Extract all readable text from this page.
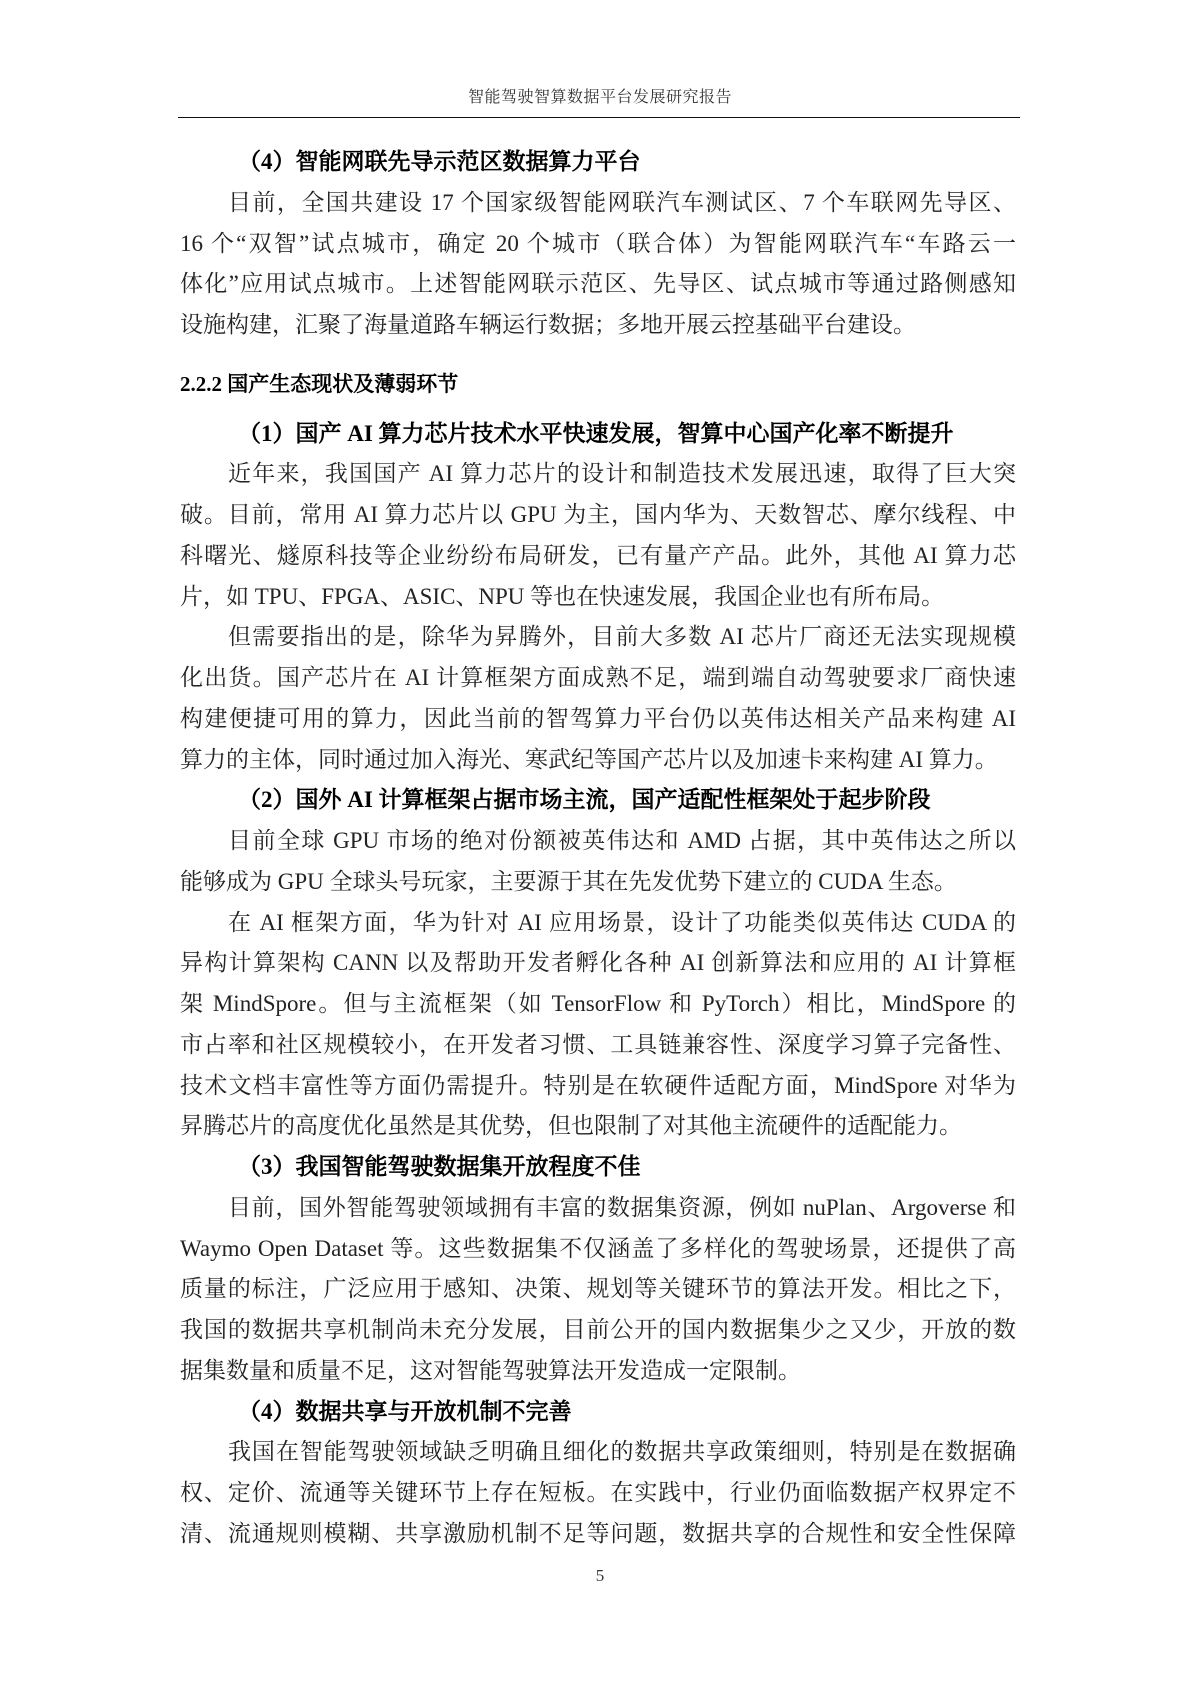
智能驾驶智算数据平台发展研究报告
（4）智能网联先导示范区数据算力平台
目前，全国共建设 17 个国家级智能网联汽车测试区、7 个车联网先导区、
16 个“双智”试点城市，确定 20 个城市（联合体）为智能网联汽车“车路云一
体化”应用试点城市。上述智能网联示范区、先导区、试点城市等通过路侧感知
设施构建，汇聚了海量道路车辆运行数据；多地开展云控基础平台建设。
2.2.2 国产生态现状及薄弱环节
（1）国产 AI 算力芯片技术水平快速发展，智算中心国产化率不断提升
近年来，我国国产 AI 算力芯片的设计和制造技术发展迅速，取得了巨大突
破。目前，常用 AI 算力芯片以 GPU 为主，国内华为、天数智芯、摩尔线程、中
科曙光、燧原科技等企业纷纷布局研发，已有量产产品。此外，其他 AI 算力芯
片，如 TPU、FPGA、ASIC、NPU 等也在快速发展，我国企业也有所布局。
但需要指出的是，除华为昇腾外，目前大多数 AI 芯片厂商还无法实现规模
化出货。国产芯片在 AI 计算框架方面成熟不足，端到端自动驾驶要求厂商快速
构建便捷可用的算力，因此当前的智驾算力平台仍以英伟达相关产品来构建 AI
算力的主体，同时通过加入海光、寒武纪等国产芯片以及加速卡来构建 AI 算力。
（2）国外 AI 计算框架占据市场主流，国产适配性框架处于起步阶段
目前全球 GPU 市场的绝对份额被英伟达和 AMD 占据，其中英伟达之所以
能够成为 GPU 全球头号玩家，主要源于其在先发优势下建立的 CUDA 生态。
在 AI 框架方面，华为针对 AI 应用场景，设计了功能类似英伟达 CUDA 的
异构计算架构 CANN 以及帮助开发者孵化各种 AI 创新算法和应用的 AI 计算框
架 MindSpore。但与主流框架（如 TensorFlow 和 PyTorch）相比，MindSpore 的
市占率和社区规模较小，在开发者习惯、工具链兼容性、深度学习算子完备性、
技术文档丰富性等方面仍需提升。特别是在软硬件适配方面，MindSpore 对华为
昇腾芯片的高度优化虽然是其优势，但也限制了对其他主流硬件的适配能力。
（3）我国智能驾驶数据集开放程度不佳
目前，国外智能驾驶领域拥有丰富的数据集资源，例如 nuPlan、Argoverse 和
Waymo Open Dataset 等。这些数据集不仅涵盖了多样化的驾驶场景，还提供了高
质量的标注，广泛应用于感知、决策、规划等关键环节的算法开发。相比之下，
我国的数据共享机制尚未充分发展，目前公开的国内数据集少之又少，开放的数
据集数量和质量不足，这对智能驾驶算法开发造成一定限制。
（4）数据共享与开放机制不完善
我国在智能驾驶领域缺乏明确且细化的数据共享政策细则，特别是在数据确
权、定价、流通等关键环节上存在短板。在实践中，行业仍面临数据产权界定不
清、流通规则模糊、共享激励机制不足等问题，数据共享的合规性和安全性保障
5
